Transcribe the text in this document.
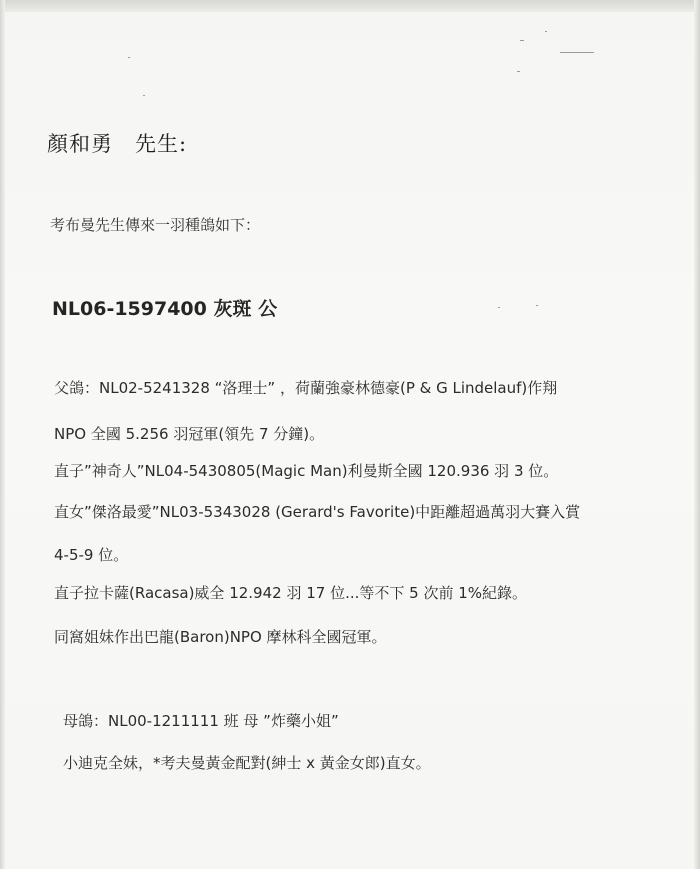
顏和勇　先生:
考布曼先生傳來一羽種鴿如下：
NL06-1597400 灰斑 公
父鴿：NL02-5241328 “洛理士” ，荷蘭強豪林德豪(P & G Lindelauf)作翔
NPO 全國 5.256 羽冠軍(領先 7 分鐘)。
直子”神奇人”NL04-5430805(Magic Man)利曼斯全國 120.936 羽 3 位。
直女”傑洛最愛”NL03-5343028 (Gerard's Favorite)中距離超過萬羽大賽入賞
4-5-9 位。
直子拉卡薩(Racasa)威全 12.942 羽 17 位...等不下 5 次前 1%紀錄。
同窩姐妹作出巴龍(Baron)NPO 摩林科全國冠軍。
母鴿：NL00-1211111 班 母 ”炸藥小姐”
小迪克全妹，*考夫曼黃金配對(紳士 x 黃金女郎)直女。
